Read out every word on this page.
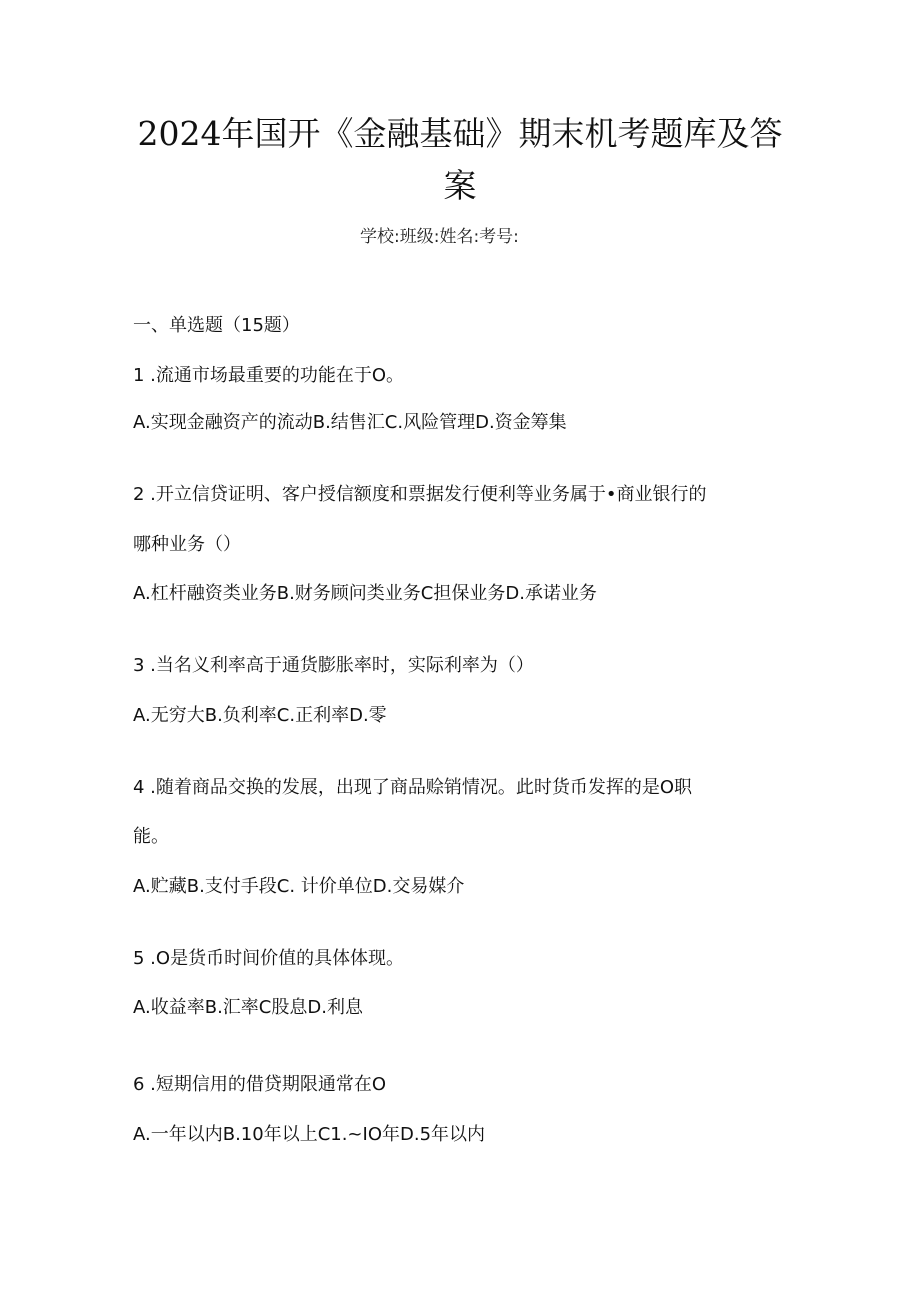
2024年国开《金融基础》期末机考题库及答
案
学校:班级:姓名:考号:
一、单选题（15题）
1 .流通市场最重要的功能在于O。
A.实现金融资产的流动B.结售汇C.风险管理D.资金筹集
2 .开立信贷证明、客户授信额度和票据发行便利等业务属于•商业银行的
哪种业务（）
A.杠杆融资类业务B.财务顾问类业务C担保业务D.承诺业务
3 .当名义利率高于通货膨胀率时，实际利率为（）
A.无穷大B.负利率C.正利率D.零
4 .随着商品交换的发展，出现了商品赊销情况。此时货币发挥的是O职
能。
A.贮藏B.支付手段C. 计价单位D.交易媒介
5 .O是货币时间价值的具体体现。
A.收益率B.汇率C股息D.利息
6 .短期信用的借贷期限通常在O
A.一年以内B.10年以上C1.~IO年D.5年以内
